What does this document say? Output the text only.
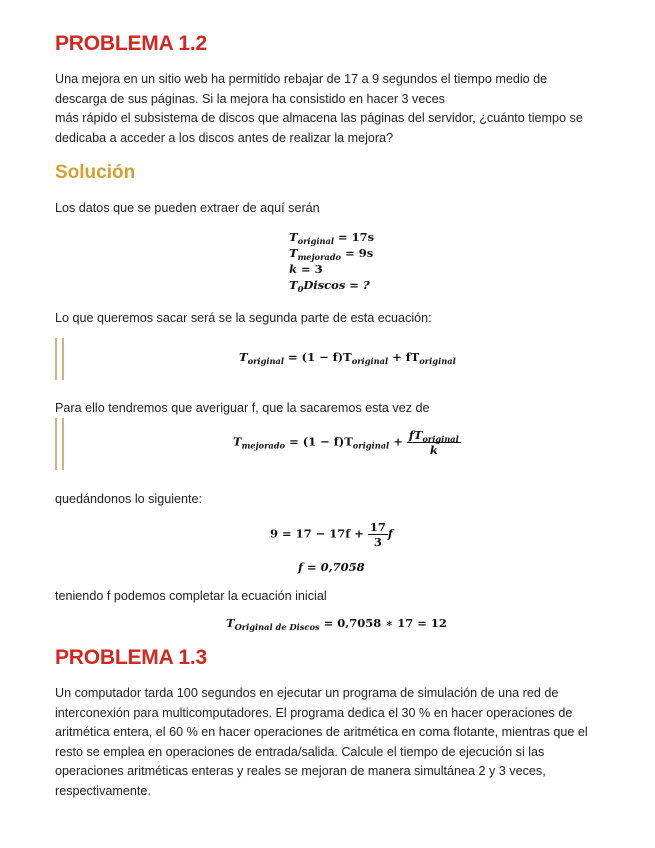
PROBLEMA 1.2

Una mejora en un sitio web ha permitido rebajar de 17 a 9 segundos el tiempo medio de
descarga de sus páginas. Si la mejora ha consistido en hacer 3 veces
más rápido el subsistema de discos que almacena las páginas del servidor, ¿cuánto tiempo se
dedicaba a acceder a los discos antes de realizar la mejora?

Solución

Los datos que se pueden extraer de aquí serán

$T_{original} = 17s$
$T_{mejorado} = 9s$
k = 3
$T_0Discos$ = ?

Lo que queremos sacar será se la segunda parte de esta ecuación:

$T_{original} = (1 - f)T_{original} + fT_{original}$

Para ello tendremos que averiguar f, que la sacaremos esta vez de

$T_{mejorado} = (1 - f)T_{original} + \frac{fT_{original}}{k}$

quedándonos lo siguiente:

$9 = 17 - 17f + \frac{17}{3}$ f
f = 0,7058

teniendo f podemos completar la ecuación inicial

$T_{Original de Discos} = 0,7058$ ∗ 17 = 12
PROBLEMA 1.3

Un computador tarda 100 segundos en ejecutar un programa de simulación de una red de
interconexión para multicomputadores. El programa dedica el 30 % en hacer operaciones de
aritmética entera, el 60 % en hacer operaciones de aritmética en coma flotante, mientras que el
resto se emplea en operaciones de entrada/salida. Calcule el tiempo de ejecución si las
operaciones aritméticas enteras y reales se mejoran de manera simultánea 2 y 3 veces,
respectivamente.
